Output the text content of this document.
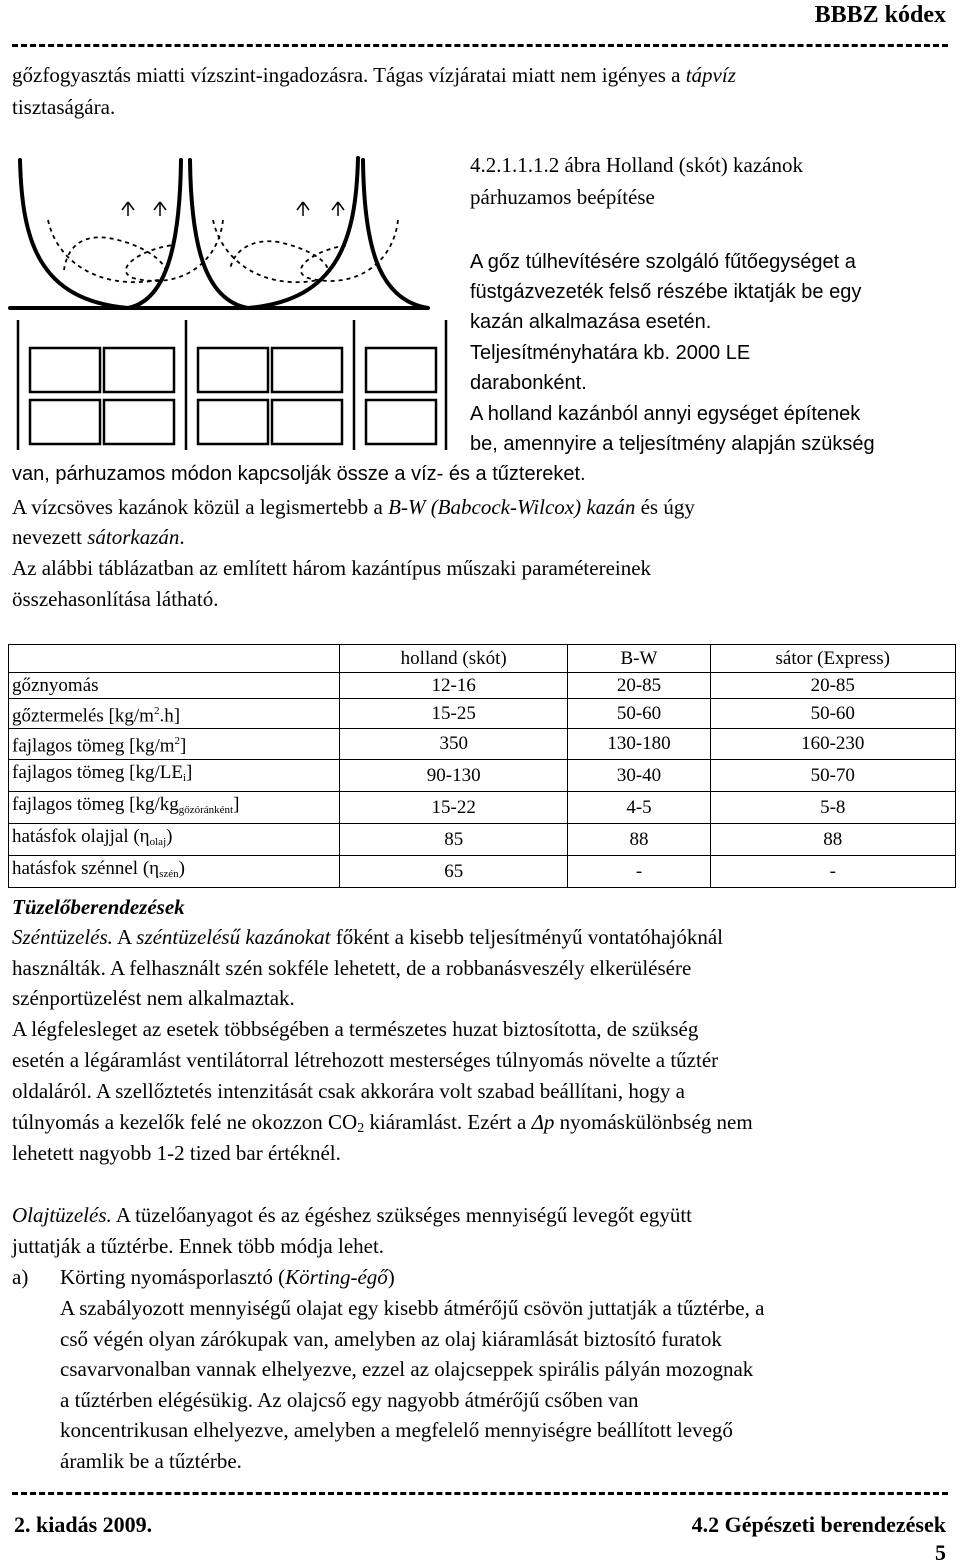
BBBZ kódex
gőzfogyasztás miatti vízszint-ingadozásra. Tágas vízjáratai miatt nem igényes a tápvíz
tisztaságára.
4.2.1.1.1.2 ábra Holland (skót) kazánok
párhuzamos beépítése
A gőz túlhevítésére szolgáló fűtőegységet a
füstgázvezeték felső részébe iktatják be egy
kazán alkalmazása esetén.
Teljesítményhatára kb. 2000 LE
darabonként.
A holland kazánból annyi egységet építenek
be, amennyire a teljesítmény alapján szükség
van, párhuzamos módon kapcsolják össze a víz- és a tűztereket.
A vízcsöves kazánok közül a legismertebb a B-W (Babcock-Wilcox) kazán és úgy
nevezett sátorkazán.
Az alábbi táblázatban az említett három kazántípus műszaki paramétereinek
összehasonlítása látható.
	holland (skót)	B-W	sátor (Express)
gőznyomás	12-16	20-85	20-85
gőztermelés $[kg/m^2.h]$	15-25	50-60	50-60
fajlagos tömeg $[kg/m^2]$	350	130-180	160-230
fajlagos tömeg $[kg/LE_i]$	90-130	30-40	50-70
fajlagos tömeg $[kg/kg_{gőzóránként}]$	15-22	4-5	5-8
hatásfok olajjal $(\eta_{olaj})$	85	88	88
hatásfok szénnel $(\eta_{szén})$	65	-	-
Tüzelőberendezések
Széntüzelés. A széntüzelésű kazánokat főként a kisebb teljesítményű vontatóhajóknál
használták. A felhasznált szén sokféle lehetett, de a robbanásveszély elkerülésére
szénportüzelést nem alkalmaztak.
A légfelesleget az esetek többségében a természetes huzat biztosította, de szükség
esetén a légáramlást ventilátorral létrehozott mesterséges túlnyomás növelte a tűztér
oldaláról. A szellőztetés intenzitását csak akkorára volt szabad beállítani, hogy a
túlnyomás a kezelők felé ne okozzon $CO_2$ kiáramlást. Ezért a Δp nyomáskülönbség nem
lehetett nagyobb 1-2 tized bar értéknél.
Olajtüzelés. A tüzelőanyagot és az égéshez szükséges mennyiségű levegőt együtt
juttatják a tűztérbe. Ennek több módja lehet.
a) Körting nyomásporlasztó (Körting-égő)
A szabályozott mennyiségű olajat egy kisebb átmérőjű csövön juttatják a tűztérbe, a
cső végén olyan zárókupak van, amelyben az olaj kiáramlását biztosító furatok
csavarvonalban vannak elhelyezve, ezzel az olajcseppek spirális pályán mozognak
a tűztérben elégésükig. Az olajcső egy nagyobb átmérőjű csőben van
koncentrikusan elhelyezve, amelyben a megfelelő mennyiségre beállított levegő
áramlik be a tűztérbe.
2. kiadás 2009.	4.2 Gépészeti berendezések
5
